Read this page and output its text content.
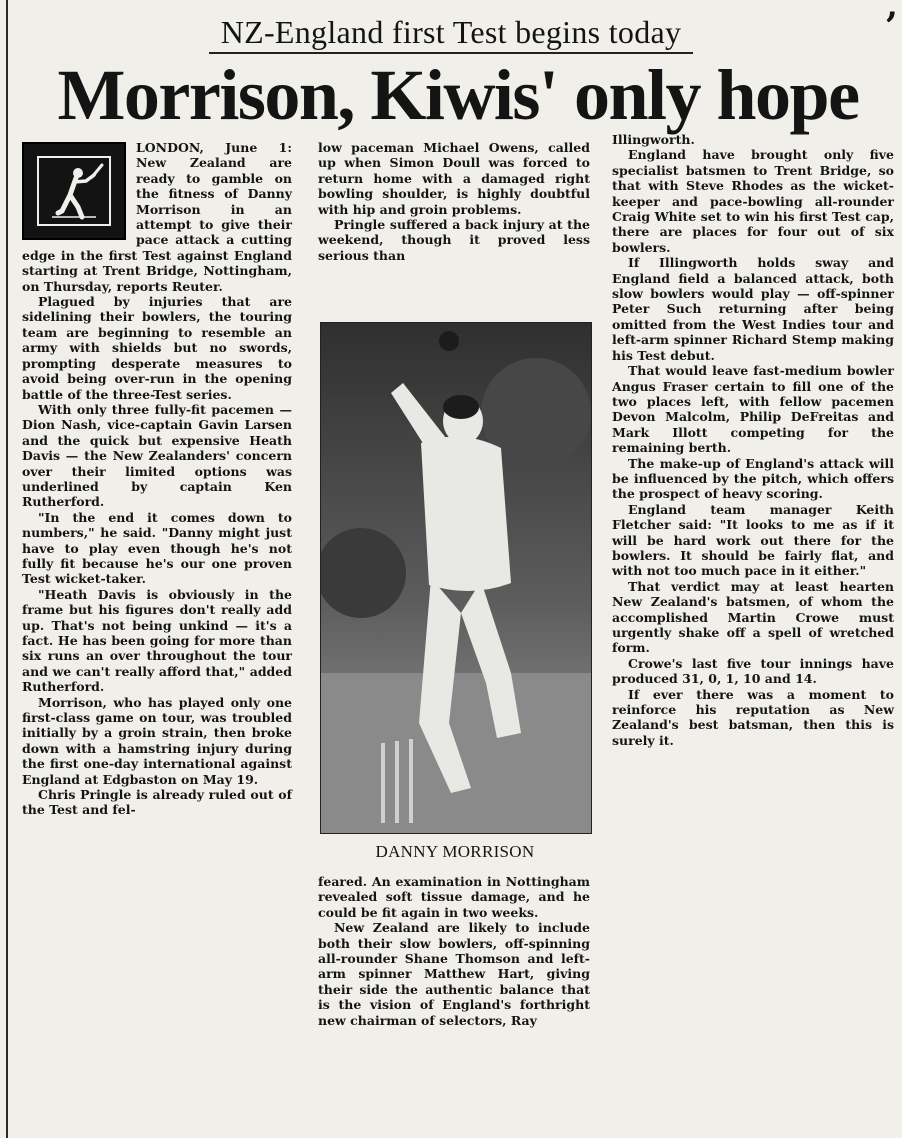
,
NZ-England first Test begins today
Morrison, Kiwis' only hope

LONDON, June 1: New Zealand are ready to gamble on the fitness of Danny Morrison in an attempt to give their pace attack a cutting edge in the first Test against England starting at Trent Bridge, Nottingham, on Thursday, reports Reuter.

Plagued by injuries that are sidelining their bowlers, the touring team are beginning to resemble an army with shields but no swords, prompting desperate measures to avoid being over-run in the opening battle of the three-Test series.

With only three fully-fit pacemen — Dion Nash, vice-captain Gavin Larsen and the quick but expensive Heath Davis — the New Zealanders' concern over their limited options was underlined by captain Ken Rutherford.

"In the end it comes down to numbers," he said. "Danny might just have to play even though he's not fully fit because he's our one proven Test wicket-taker.

"Heath Davis is obviously in the frame but his figures don't really add up. That's not being unkind — it's a fact. He has been going for more than six runs an over throughout the tour and we can't really afford that," added Rutherford.

Morrison, who has played only one first-class game on tour, was troubled initially by a groin strain, then broke down with a hamstring injury during the first one-day international against England at Edgbaston on May 19.

Chris Pringle is already ruled out of the Test and fel-

low paceman Michael Owens, called up when Simon Doull was forced to return home with a damaged right bowling shoulder, is highly doubtful with hip and groin problems.

Pringle suffered a back injury at the weekend, though it proved less serious than

DANNY MORRISON

feared. An examination in Nottingham revealed soft tissue damage, and he could be fit again in two weeks.

New Zealand are likely to include both their slow bowlers, off-spinning all-rounder Shane Thomson and left-arm spinner Matthew Hart, giving their side the authentic balance that is the vision of England's forthright new chairman of selectors, Ray

Illingworth.

England have brought only five specialist batsmen to Trent Bridge, so that with Steve Rhodes as the wicket-keeper and pace-bowling all-rounder Craig White set to win his first Test cap, there are places for four out of six bowlers.

If Illingworth holds sway and England field a balanced attack, both slow bowlers would play — off-spinner Peter Such returning after being omitted from the West Indies tour and left-arm spinner Richard Stemp making his Test debut.

That would leave fast-medium bowler Angus Fraser certain to fill one of the two places left, with fellow pacemen Devon Malcolm, Philip DeFreitas and Mark Illott competing for the remaining berth.

The make-up of England's attack will be influenced by the pitch, which offers the prospect of heavy scoring.

England team manager Keith Fletcher said: "It looks to me as if it will be hard work out there for the bowlers. It should be fairly flat, and with not too much pace in it either."

That verdict may at least hearten New Zealand's batsmen, of whom the accomplished Martin Crowe must urgently shake off a spell of wretched form.

Crowe's last five tour innings have produced 31, 0, 1, 10 and 14.

If ever there was a moment to reinforce his reputation as New Zealand's best batsman, then this is surely it.
